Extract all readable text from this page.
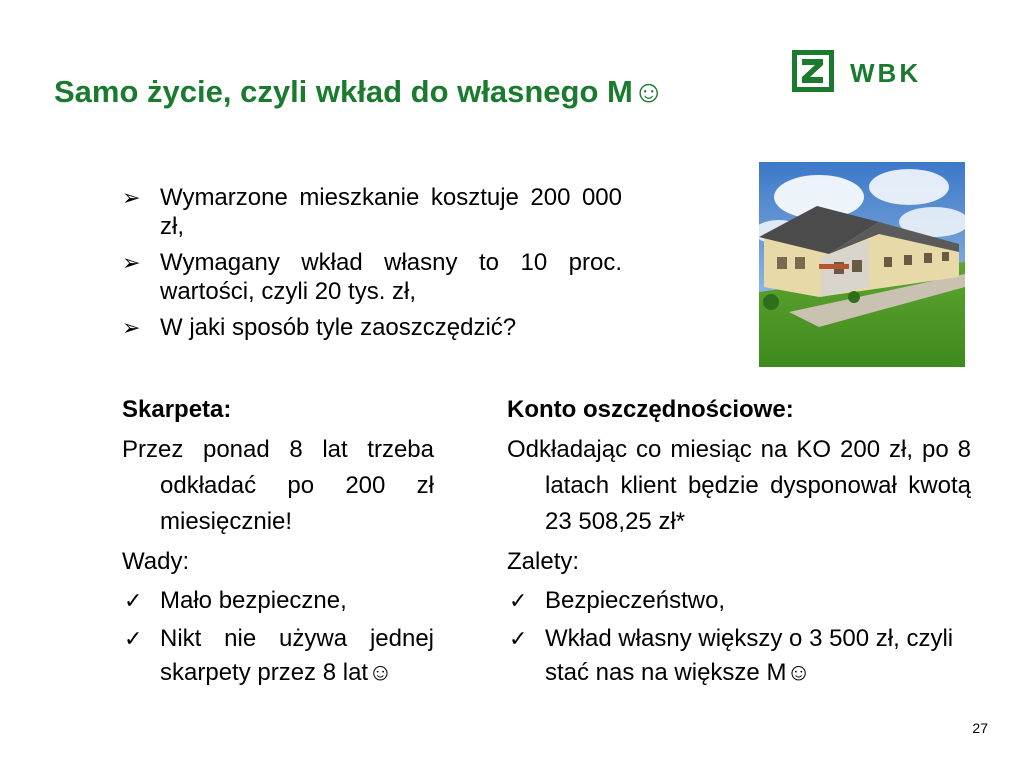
Samo życie, czyli wkład do własnego M☺
WBK
➢ Wymarzone mieszkanie kosztuje 200 000 zł,
➢ Wymagany wkład własny to 10 proc. wartości, czyli 20 tys. zł,
➢ W jaki sposób tyle zaoszczędzić?
Skarpeta:
Przez ponad 8 lat trzeba odkładać po 200 zł miesięcznie!
Wady:
✓ Mało bezpieczne,
✓ Nikt nie używa jednej skarpety przez 8 lat☺
Konto oszczędnościowe:
Odkładając co miesiąc na KO 200 zł, po 8 latach klient będzie dysponował kwotą 23 508,25 zł*
Zalety:
✓ Bezpieczeństwo,
✓ Wkład własny większy o 3 500 zł, czyli stać nas na większe M☺
27
